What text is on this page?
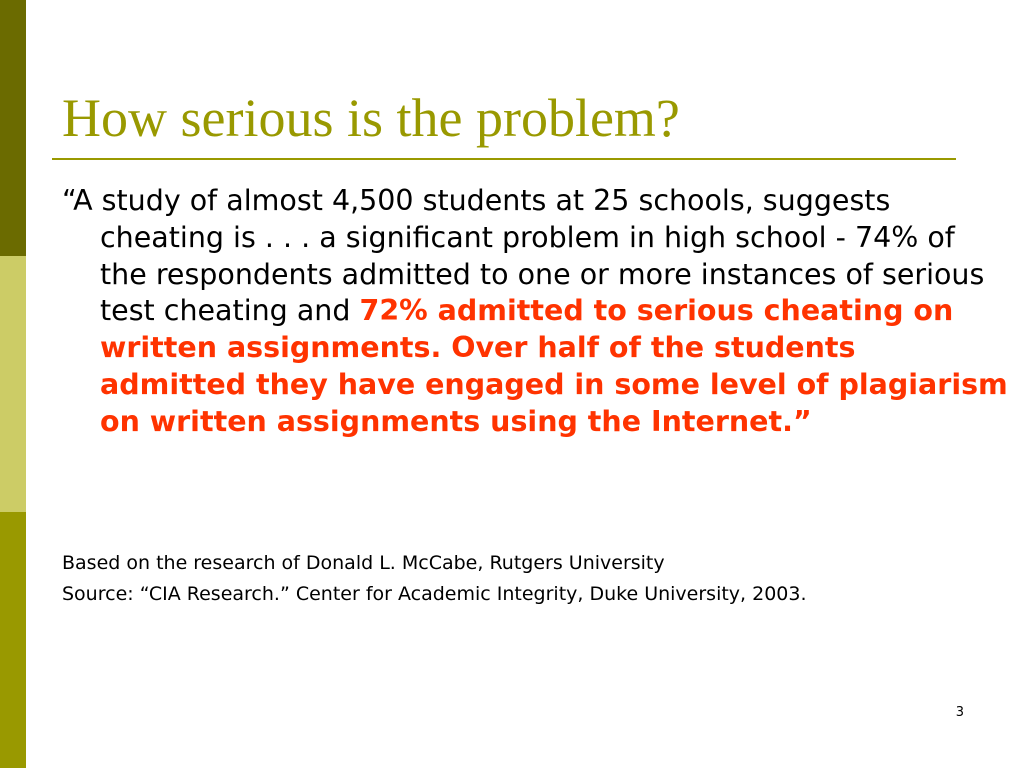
How serious is the problem?

“A study of almost 4,500 students at 25 schools, suggests cheating is . . . a significant problem in high school - 74% of the respondents admitted to one or more instances of serious test cheating and 72% admitted to serious cheating on written assignments. Over half of the students admitted they have engaged in some level of plagiarism on written assignments using the Internet.”

Based on the research of Donald L. McCabe, Rutgers University

Source: “CIA Research.” Center for Academic Integrity, Duke University, 2003.

3
